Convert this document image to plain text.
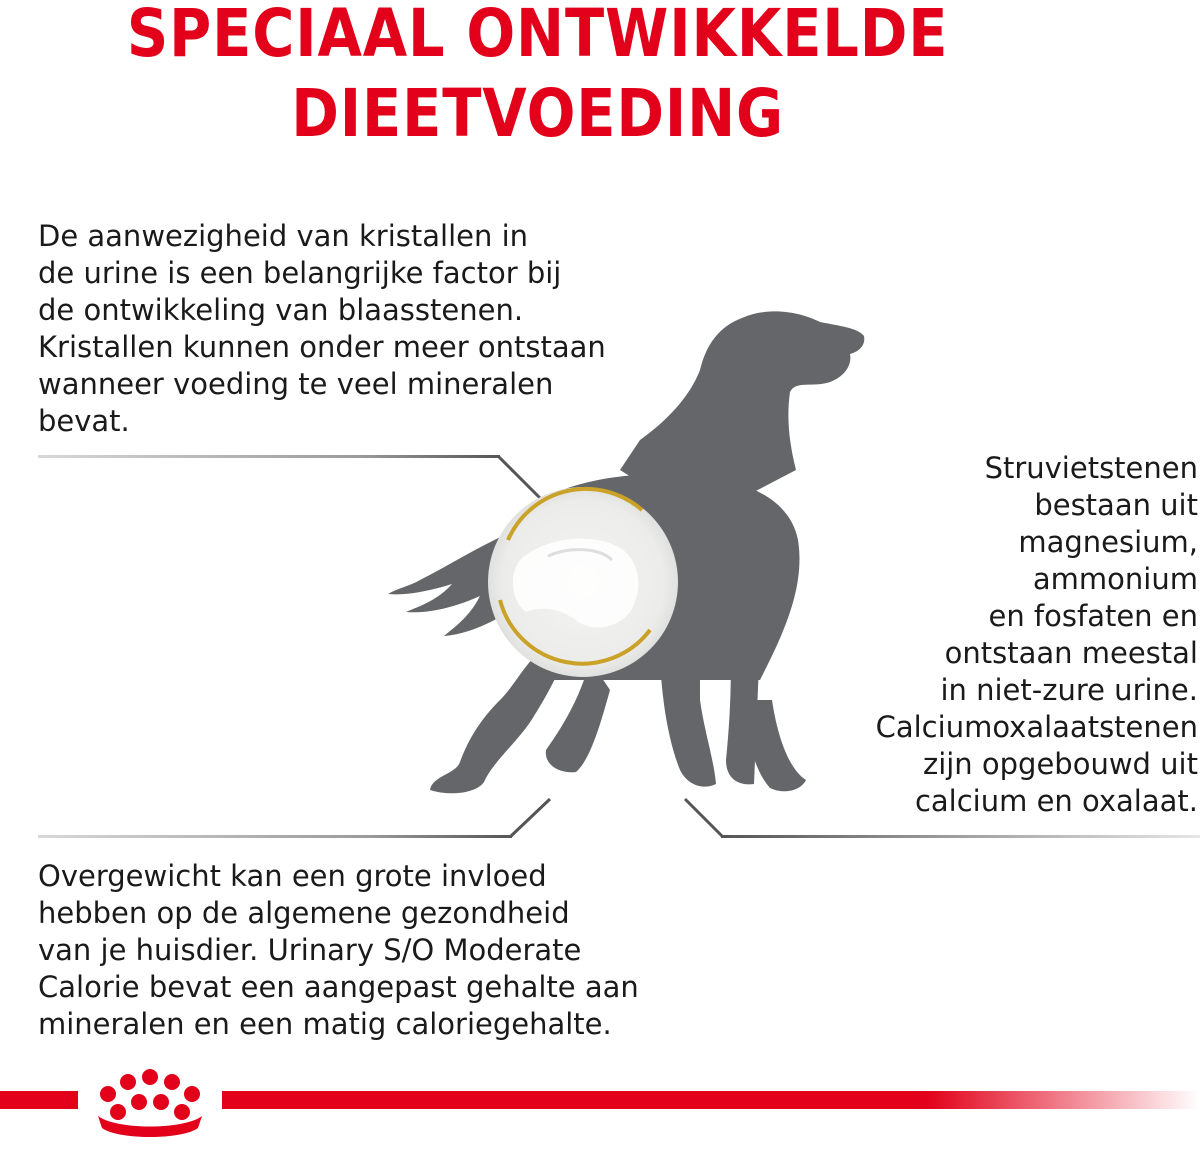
SPECIAAL ONTWIKKELDE
DIEETVOEDING

De aanwezigheid van kristallen in
de urine is een belangrijke factor bij
de ontwikkeling van blaasstenen.
Kristallen kunnen onder meer ontstaan
wanneer voeding te veel mineralen
bevat.

Struvietstenen
bestaan uit
magnesium,
ammonium
en fosfaten en
ontstaan meestal
in niet-zure urine.
Calciumoxalaatstenen
zijn opgebouwd uit
calcium en oxalaat.

Overgewicht kan een grote invloed
hebben op de algemene gezondheid
van je huisdier. Urinary S/O Moderate
Calorie bevat een aangepast gehalte aan
mineralen en een matig caloriegehalte.
